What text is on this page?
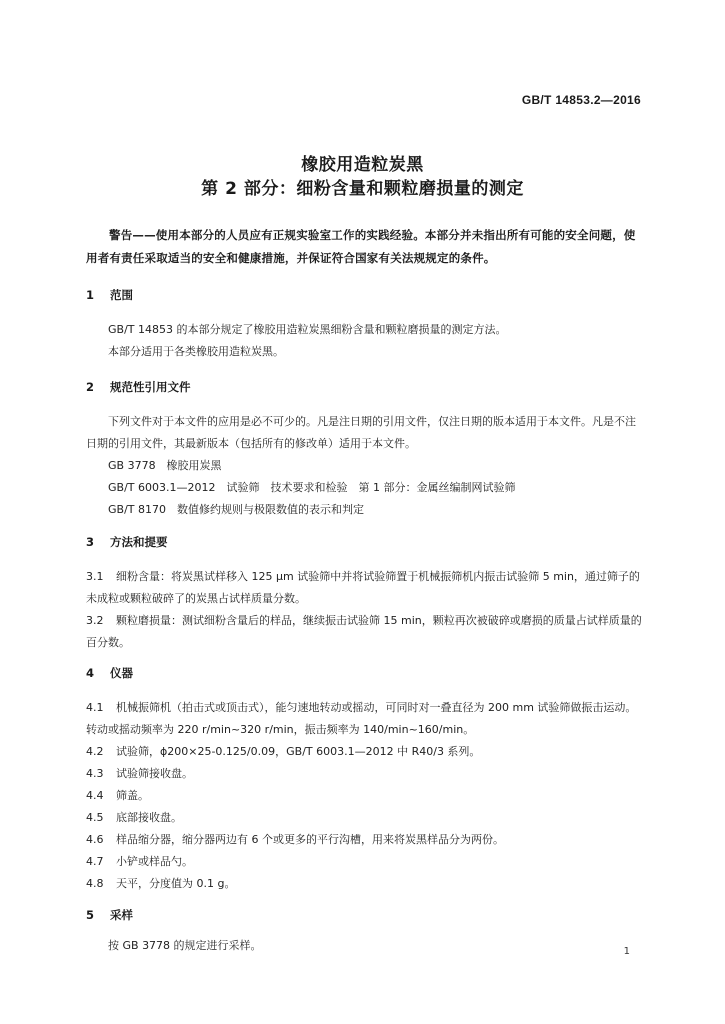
GB/T 14853.2—2016
橡胶用造粒炭黑
第 2 部分：细粉含量和颗粒磨损量的测定
警告——使用本部分的人员应有正规实验室工作的实践经验。本部分并未指出所有可能的安全问题，使用者有责任采取适当的安全和健康措施，并保证符合国家有关法规规定的条件。
1 范围
GB/T 14853 的本部分规定了橡胶用造粒炭黑细粉含量和颗粒磨损量的测定方法。
本部分适用于各类橡胶用造粒炭黑。
2 规范性引用文件
下列文件对于本文件的应用是必不可少的。凡是注日期的引用文件，仅注日期的版本适用于本文件。凡是不注日期的引用文件，其最新版本（包括所有的修改单）适用于本文件。
GB 3778　橡胶用炭黑
GB/T 6003.1—2012　试验筛　技术要求和检验　第 1 部分：金属丝编制网试验筛
GB/T 8170　数值修约规则与极限数值的表示和判定
3 方法和提要
3.1 细粉含量：将炭黑试样移入 125 μm 试验筛中并将试验筛置于机械振筛机内振击试验筛 5 min，通过筛子的未成粒或颗粒破碎了的炭黑占试样质量分数。
3.2 颗粒磨损量：测试细粉含量后的样品，继续振击试验筛 15 min，颗粒再次被破碎或磨损的质量占试样质量的百分数。
4 仪器
4.1 机械振筛机（拍击式或顶击式），能匀速地转动或摇动，可同时对一叠直径为 200 mm 试验筛做振击运动。转动或摇动频率为 220 r/min~320 r/min，振击频率为 140/min~160/min。
4.2 试验筛，ϕ200×25-0.125/0.09，GB/T 6003.1—2012 中 R40/3 系列。
4.3 试验筛接收盘。
4.4 筛盖。
4.5 底部接收盘。
4.6 样品缩分器，缩分器两边有 6 个或更多的平行沟槽，用来将炭黑样品分为两份。
4.7 小铲或样品勺。
4.8 天平，分度值为 0.1 g。
5 采样
按 GB 3778 的规定进行采样。	1
